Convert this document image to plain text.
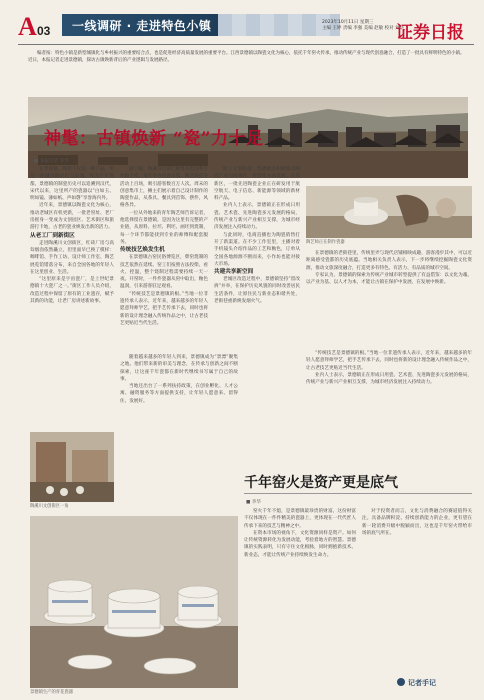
A 03 一线调研 · 走进特色小镇	2023年10月11日 星期三
主编 王婷 责编 李强 美编 赵敏 校对 刘华
证券日报
编者按：特色小镇是新型城镇化与乡村振兴的重要结合点，也是促进经济高质量发展的重要平台。江西景德镇以陶瓷文化为核心，依托千年窑火传承，推动传统产业与现代创意融合，打造了一批具有鲜明特色的小镇。近日，本报记者走进景德镇，探访古镇焕新背后的产业逻辑与发展路径。
神髦：古镇焕新 “瓷”力十足
■ 本报记者 李华

在景德镇，陶瓷不仅是一种产品，更是一座城市的记忆与灵魂。作为千年瓷都，景德镇的制瓷历史可以追溯到汉代，宋代以来，这里所产的瓷器以“白如玉、明如镜、薄如纸、声如磬”享誉海内外。

近年来，景德镇以陶瓷文化为核心，推动老城区有机更新，一批老窑址、老厂房摇身一变成为文创园区、艺术街区和旅游打卡地，古老的瓷业焕发出新的活力。

从老工厂到新街区

走进陶溪川文创街区，红砖厂房与高耸烟囱依然矗立，但里面早已换了模样：咖啡馆、手作工坊、设计师工作室、陶艺展览馆错落分布，来自全国各地的年轻人在这里创业、生活。

“这里原来是宇宙瓷厂，是上世纪景德镇十大瓷厂之一。”街区工作人员介绍，改造过程中保留了原有的工业遗存，赋予其新的功能，让老厂房讲述新故事。

据了解，陶溪川目前已聚集各类创业主体数千家，每年举办创意市集、陶艺展览等活动上百场，吸引游客数百万人次。周末的创意集市上，摊主们展示着自己设计制作的陶瓷作品，从茶具、餐具到首饰、摆件，风格各异。

一位从外地来的青年陶艺师告诉记者，他选择留在景德镇，是因为这里有完整的产业链，从原料、拉坯、利坯、画坯到烧制，每一个环节都能找到专业的师傅和配套服务。

传统技艺焕发生机

在景德镇古窑民俗博览区，柴窑烧制的技艺依然在延续。窑工们按照古法投柴、看火、控温，整个烧制过程需要持续一天一夜。开窑时，一件件瓷器从窑中取出，釉色温润，引来游客驻足观看。

“传统技艺是景德镇的根。”当地一位非遗传承人表示，近年来，越来越多的年轻人愿意拜师学艺，把手艺传承下去，同时也将新的设计理念融入传统作品之中，让古老技艺更贴近当代生活。

除了文创旅游，景德镇还积极推动陶瓷产业向高端化、智能化方向发展。在高新区，一批先进陶瓷企业正在研发用于航空航天、电子信息、新能源等领域的新材料产品。

业内人士表示，景德镇正在形成日用瓷、艺术瓷、先进陶瓷多元发展的格局，传统产业与新兴产业相互支撑，为城市经济发展注入持续动力。

与此同时，电商直播也为陶瓷销售打开了新渠道。在不少工作室里，主播对着手机镜头介绍作品的工艺和釉色，订单从全国各地源源不断而来，小作坊也能对接大市场。

共建共享新空间

老城区改造过程中，景德镇坚持“留改拆”并举，在保护历史风貌的同时改善居民生活条件，让原住民与新业态和谐共处，老街巷重新焕发烟火气。

陶艺师正在制作瓷器

在景德镇的老街巷里，传统里弄与现代店铺相映成趣，游客漫步其中，可以近距离感受瓷都的历史底蕴。当地相关负责人表示，下一步将继续挖掘陶瓷文化资源，推动文旅深度融合，打造更多有特色、有活力、有品质的城市空间。

专家认为，景德镇的探索为传统产业城市转型提供了有益借鉴：以文化为魂、以产业为基、以人才为本，才能让古镇在保护中发展、在发展中焕新。

陶溪川文创街区一角

随着越来越多的年轻人到来，景德镇成为“景漂”聚集之地。他们带来新的审美与理念，在传承与创新之间不断探索，让这座千年瓷都在新时代继续书写属于自己的故事。

当地还出台了一系列扶持政策，在创业孵化、人才公寓、融资服务等方面提供支持，让年轻人愿意来、留得住、发展好。

“传统技艺是景德镇的根。”当地一位非遗传承人表示，近年来，越来越多的年轻人愿意拜师学艺，把手艺传承下去，同时也将新的设计理念融入传统作品之中，让古老技艺更贴近当代生活。

业内人士表示，景德镇正在形成日用瓷、艺术瓷、先进陶瓷多元发展的格局，传统产业与新兴产业相互支撑，为城市经济发展注入持续动力。

景德镇生产的青花瓷器
千年窑火是资产更是底气
■ 李华

窑火千年不熄，是景德镇最珍贵的财富。这份财富不仅体现在一件件精美的瓷器上，更体现在一代代匠人传承下来的技艺与精神之中。

在资本市场的视角下，文化资源同样是资产。如何让传统资源转化为发展动能，考验着地方的智慧。景德镇的实践表明，只有守住文化根脉，同时拥抱新技术、新业态，才能让传统产业持续焕发生命力。

对于投资者而言，文化与消费融合的赛道值得关注。具备品牌积淀、持续创新能力的企业，更有望在新一轮消费升级中脱颖而出，这也是千年窑火带给市场的底气所在。

记者手记
